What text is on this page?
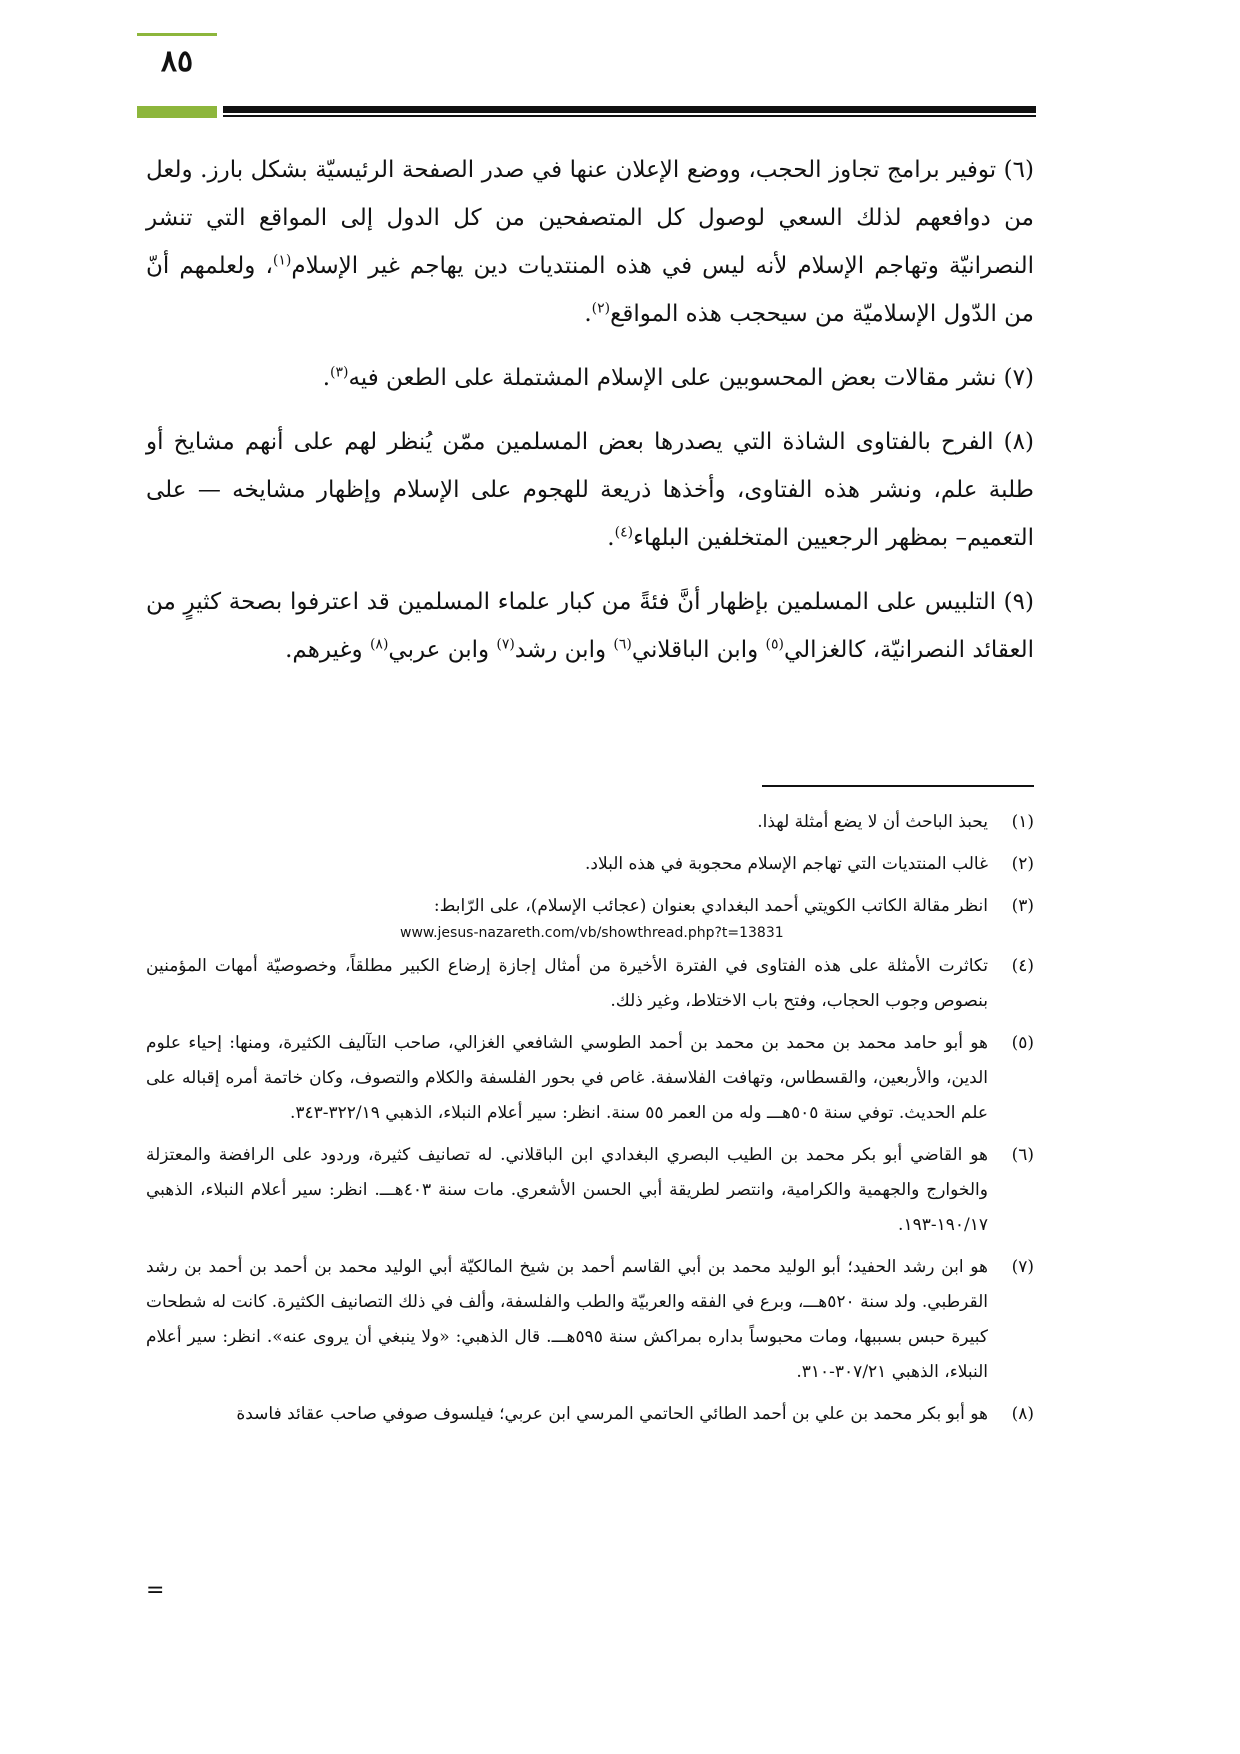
٨٥

(٦) توفير برامج تجاوز الحجب، ووضع الإعلان عنها في صدر الصفحة الرئيسيّة بشكل بارز. ولعل من دوافعهم لذلك السعي لوصول كل المتصفحين من كل الدول إلى المواقع التي تنشر النصرانيّة وتهاجم الإسلام لأنه ليس في هذه المنتديات دين يهاجم غير الإسلام$^{(١)}$، ولعلمهم أنّ من الدّول الإسلاميّة من سيحجب هذه المواقع$^{(٢)}$.

(٧) نشر مقالات بعض المحسوبين على الإسلام المشتملة على الطعن فيه$^{(٣)}$.

(٨) الفرح بالفتاوى الشاذة التي يصدرها بعض المسلمين ممّن يُنظر لهم على أنهم مشايخ أو طلبة علم، ونشر هذه الفتاوى، وأخذها ذريعة للهجوم على الإسلام وإظهار مشايخه — على التعميم– بمظهر الرجعيين المتخلفين البلهاء$^{(٤)}$.

(٩) التلبيس على المسلمين بإظهار أنَّ فئةً من كبار علماء المسلمين قد اعترفوا بصحة كثيرٍ من العقائد النصرانيّة، كالغزالي$^{(٥)}$ وابن الباقلاني$^{(٦)}$ وابن رشد$^{(٧)}$ وابن عربي$^{(٨)}$ وغيرهم.

(١)
يحبذ الباحث أن لا يضع أمثلة لهذا.
(٢)
غالب المنتديات التي تهاجم الإسلام محجوبة في هذه البلاد.
(٣)
انظر مقالة الكاتب الكويتي أحمد البغدادي بعنوان (عجائب الإسلام)، على الرّابط:
www.jesus-nazareth.com/vb/showthread.php?t=13831
(٤)
تكاثرت الأمثلة على هذه الفتاوى في الفترة الأخيرة من أمثال إجازة إرضاع الكبير مطلقاً، وخصوصيّة أمهات المؤمنين بنصوص وجوب الحجاب، وفتح باب الاختلاط، وغير ذلك.
(٥)
هو أبو حامد محمد بن محمد بن محمد بن أحمد الطوسي الشافعي الغزالي، صاحب التآليف الكثيرة، ومنها: إحياء علوم الدين، والأربعين، والقسطاس، وتهافت الفلاسفة. غاص في بحور الفلسفة والكلام والتصوف، وكان خاتمة أمره إقباله على علم الحديث. توفي سنة ٥٠٥هـــ وله من العمر ٥٥ سنة. انظر: سير أعلام النبلاء، الذهبي ٣٢٢/١٩-٣٤٣.
(٦)
هو القاضي أبو بكر محمد بن الطيب البصري البغدادي ابن الباقلاني. له تصانيف كثيرة، وردود على الرافضة والمعتزلة والخوارج والجهمية والكرامية، وانتصر لطريقة أبي الحسن الأشعري. مات سنة ٤٠٣هـــ. انظر: سير أعلام النبلاء، الذهبي ١٩٠/١٧-١٩٣.
(٧)
هو ابن رشد الحفيد؛ أبو الوليد محمد بن أبي القاسم أحمد بن شيخ المالكيّة أبي الوليد محمد بن أحمد بن أحمد بن رشد القرطبي. ولد سنة ٥٢٠هـــ، وبرع في الفقه والعربيّة والطب والفلسفة، وألف في ذلك التصانيف الكثيرة. كانت له شطحات كبيرة حبس بسببها، ومات محبوساً بداره بمراكش سنة ٥٩٥هـــ. قال الذهبي: «ولا ينبغي أن يروى عنه». انظر: سير أعلام النبلاء، الذهبي ٣٠٧/٢١-٣١٠.
(٨)
هو أبو بكر محمد بن علي بن أحمد الطائي الحاتمي المرسي ابن عربي؛ فيلسوف صوفي صاحب عقائد فاسدة
=
